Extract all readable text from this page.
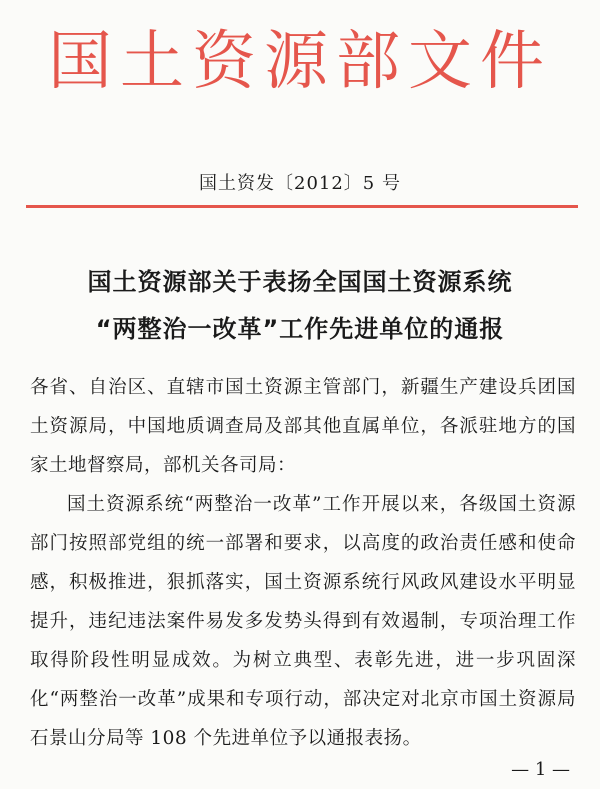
国土资源部文件
国土资发〔2012〕5 号
国土资源部关于表扬全国国土资源系统
“两整治一改革”工作先进单位的通报
各省、自治区、直辖市国土资源主管部门，新疆生产建设兵团国土资源局，中国地质调查局及部其他直属单位，各派驻地方的国家土地督察局，部机关各司局：
国土资源系统“两整治一改革”工作开展以来，各级国土资源部门按照部党组的统一部署和要求，以高度的政治责任感和使命感，积极推进，狠抓落实，国土资源系统行风政风建设水平明显提升，违纪违法案件易发多发势头得到有效遏制，专项治理工作取得阶段性明显成效。为树立典型、表彰先进，进一步巩固深化“两整治一改革”成果和专项行动，部决定对北京市国土资源局石景山分局等 108 个先进单位予以通报表扬。
— 1 —
